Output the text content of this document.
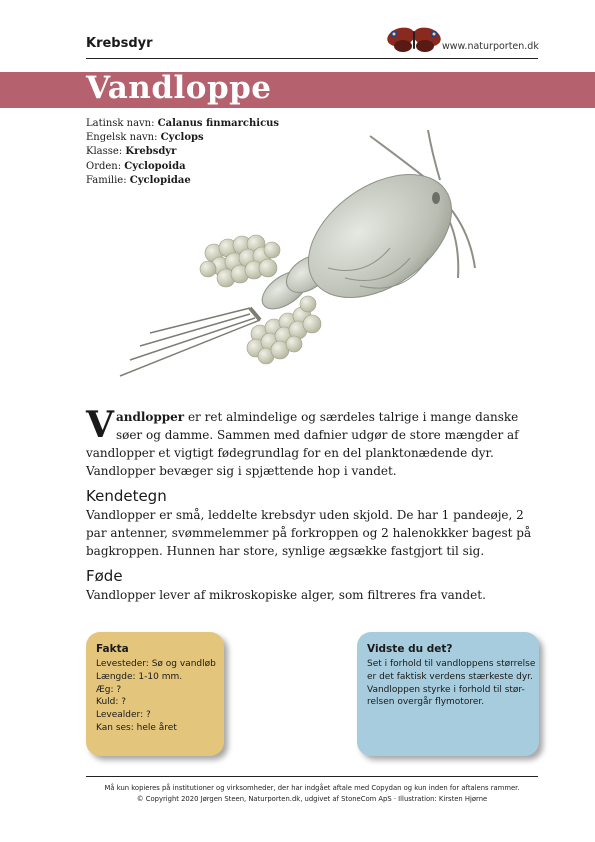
Krebsdyr	www.naturporten.dk
Vandloppe
Latinsk navn: Calanus finmarchicus
Engelsk navn: Cyclops
Klasse: Krebsdyr
Orden: Cyclopoida
Familie: Cyclopidae
Vandlopper er ret almindelige og særdeles talrige i mange danske søer og damme. Sammen med dafnier udgør de store mængder af vandlopper et vigtigt fødegrundlag for en del planktonædende dyr. Vandlopper bevæger sig i spjættende hop i vandet.
Kendetegn
Vandlopper er små, leddelte krebsdyr uden skjold. De har 1 pandeøje, 2 par antenner, svømmelemmer på forkroppen og 2 halenokkker bagest på bagkroppen. Hunnen har store, synlige ægsække fastgjort til sig.
Føde
Vandlopper lever af mikroskopiske alger, som filtreres fra vandet.
Fakta
Levesteder: Sø og vandløb
Længde: 1-10 mm.
Æg: ?
Kuld: ?
Levealder: ?
Kan ses: hele året
Vidste du det?
Set i forhold til vandloppens størrelse
er det faktisk verdens stærkeste dyr.
Vandloppen styrke i forhold til stør-
relsen overgår flymotorer.
Må kun kopieres på institutioner og virksomheder, der har indgået aftale med Copydan og kun inden for aftalens rammer.
© Copyright 2020 Jørgen Steen, Naturporten.dk, udgivet af StoneCom ApS · Illustration: Kirsten Hjørne
